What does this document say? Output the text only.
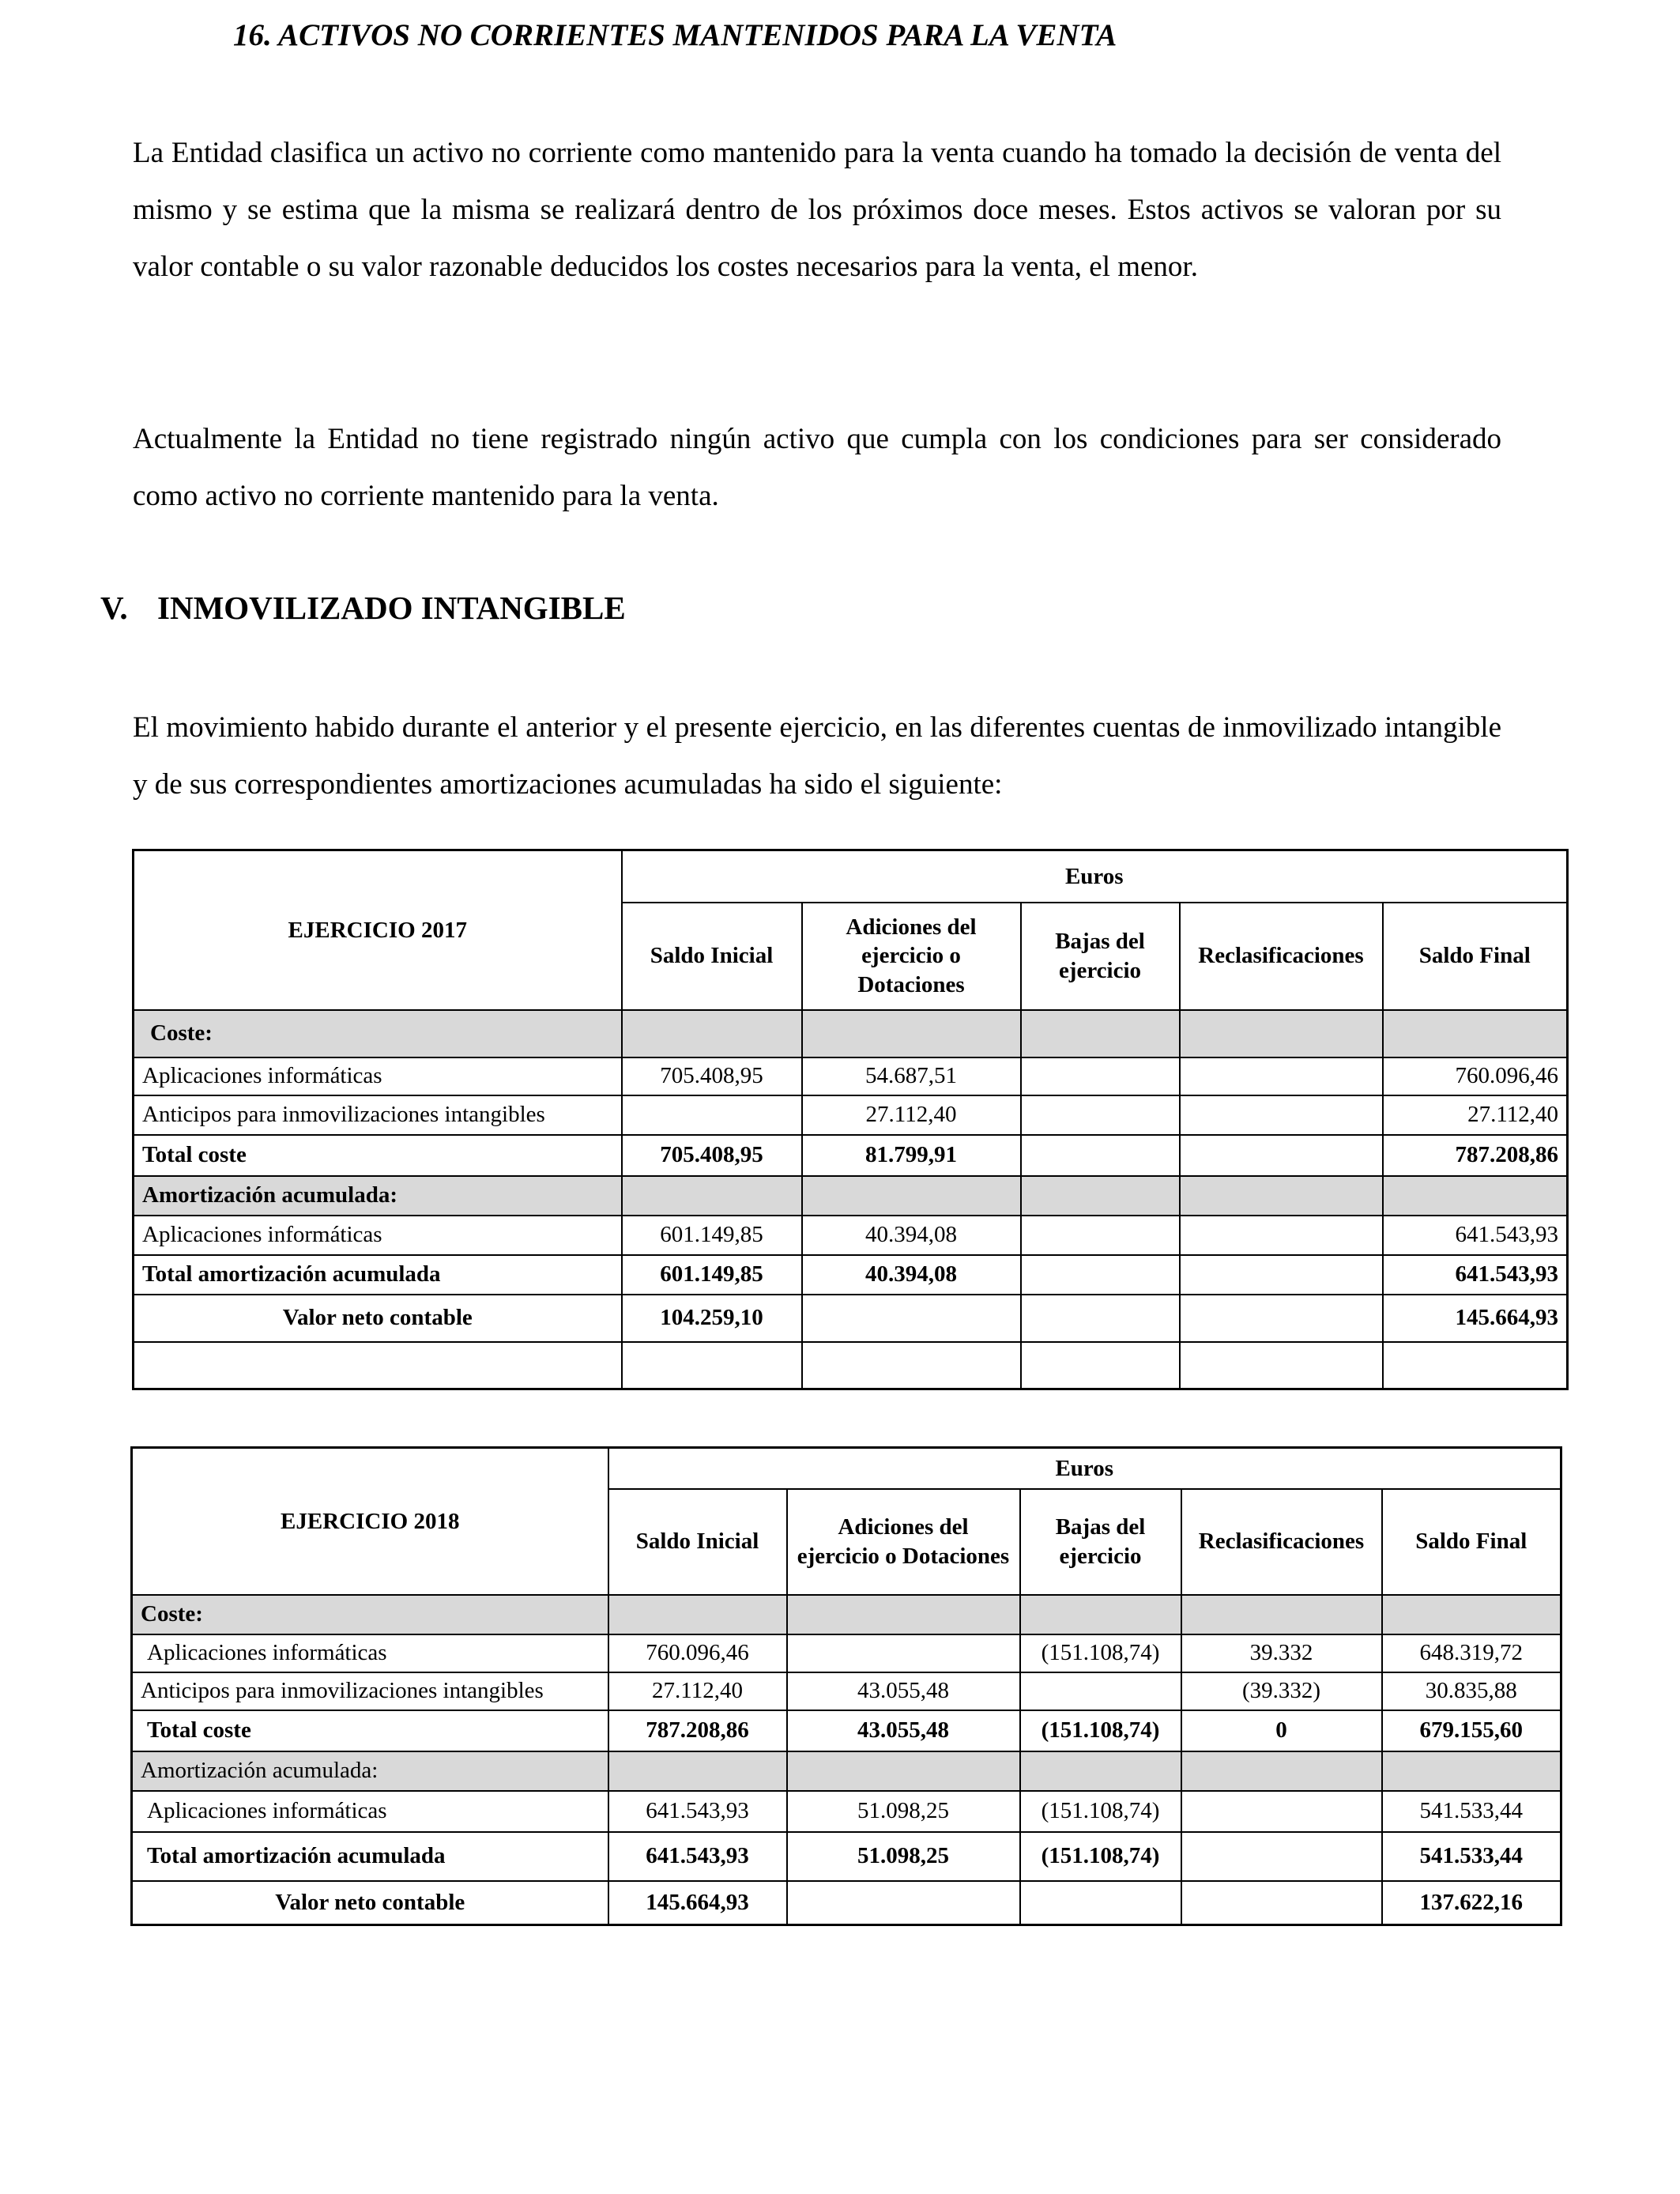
16. ACTIVOS NO CORRIENTES MANTENIDOS PARA LA VENTA

La Entidad clasifica un activo no corriente como mantenido para la venta cuando ha tomado la decisión de venta del mismo y se estima que la misma se realizará dentro de los próximos doce meses. Estos activos se valoran por su valor contable o su valor razonable deducidos los costes necesarios para la venta, el menor.

Actualmente la Entidad no tiene registrado ningún activo que cumpla con los condiciones para ser considerado como activo no corriente mantenido para la venta.

V. INMOVILIZADO INTANGIBLE

El movimiento habido durante el anterior y el presente ejercicio, en las diferentes cuentas de inmovilizado intangible y de sus correspondientes amortizaciones acumuladas ha sido el siguiente:

EJERCICIO 2017	Euros				
	Saldo Inicial	Adiciones del ejercicio o Dotaciones	Bajas del ejercicio	Reclasificaciones	Saldo Final
Coste:					
Aplicaciones informáticas	705.408,95	54.687,51			760.096,46
Anticipos para inmovilizaciones intangibles		27.112,40			27.112,40
Total coste	705.408,95	81.799,91			787.208,86
Amortización acumulada:					
Aplicaciones informáticas	601.149,85	40.394,08			641.543,93
Total amortización acumulada	601.149,85	40.394,08			641.543,93
Valor neto contable	104.259,10				145.664,93

EJERCICIO 2018	Euros				
	Saldo Inicial	Adiciones del ejercicio o Dotaciones	Bajas del ejercicio	Reclasificaciones	Saldo Final
Coste:					
Aplicaciones informáticas	760.096,46		(151.108,74)	39.332	648.319,72
Anticipos para inmovilizaciones intangibles	27.112,40	43.055,48		(39.332)	30.835,88
Total coste	787.208,86	43.055,48	(151.108,74)	0	679.155,60
Amortización acumulada:					
Aplicaciones informáticas	641.543,93	51.098,25	(151.108,74)		541.533,44
Total amortización acumulada	641.543,93	51.098,25	(151.108,74)		541.533,44
Valor neto contable	145.664,93				137.622,16
